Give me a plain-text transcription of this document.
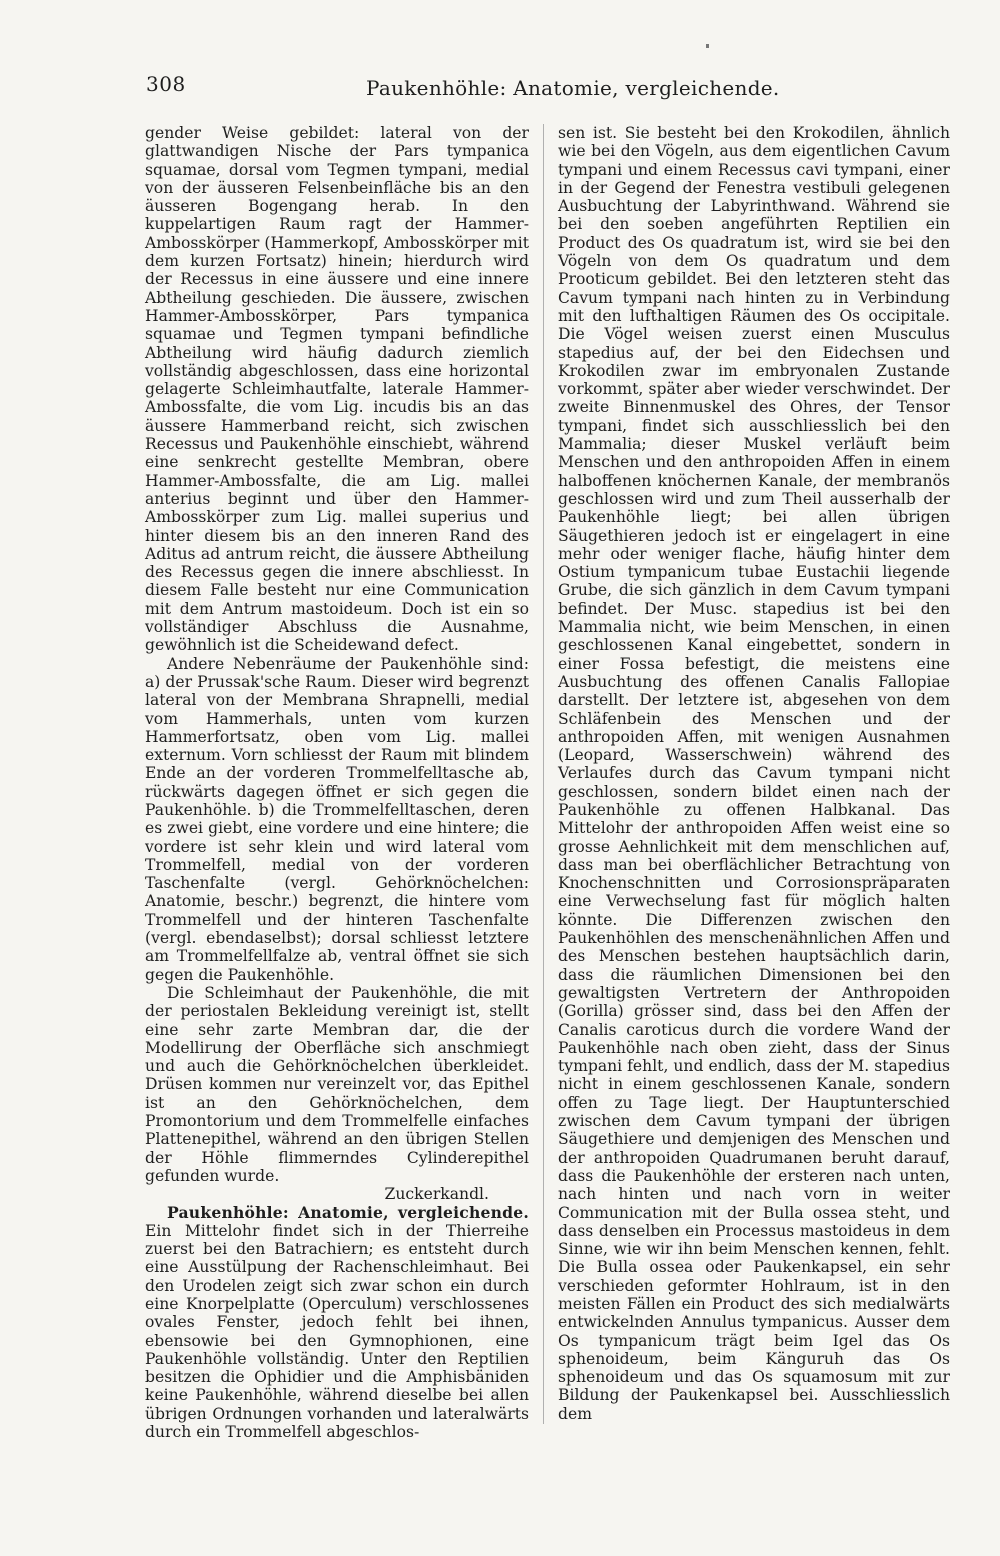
308	Paukenhöhle: Anatomie, vergleichende.

gender Weise gebildet: lateral von der glattwandigen Nische der Pars tympanica squamae, dorsal vom Tegmen tympani, medial von der äusseren Felsenbeinfläche bis an den äusseren Bogengang herab. In den kuppelartigen Raum ragt der Hammer-Ambosskörper (Hammerkopf, Ambosskörper mit dem kurzen Fortsatz) hinein; hierdurch wird der Recessus in eine äussere und eine innere Abtheilung geschieden. Die äussere, zwischen Hammer-Ambosskörper, Pars tympanica squamae und Tegmen tympani befindliche Abtheilung wird häufig dadurch ziemlich vollständig abgeschlossen, dass eine horizontal gelagerte Schleimhautfalte, laterale Hammer-Ambossfalte, die vom Lig. incudis bis an das äussere Hammerband reicht, sich zwischen Recessus und Paukenhöhle einschiebt, während eine senkrecht gestellte Membran, obere Hammer-Ambossfalte, die am Lig. mallei anterius beginnt und über den Hammer-Ambosskörper zum Lig. mallei superius und hinter diesem bis an den inneren Rand des Aditus ad antrum reicht, die äussere Abtheilung des Recessus gegen die innere abschliesst. In diesem Falle besteht nur eine Communication mit dem Antrum mastoideum. Doch ist ein so vollständiger Abschluss die Ausnahme, gewöhnlich ist die Scheidewand defect.

Andere Nebenräume der Paukenhöhle sind: a) der Prussak'sche Raum. Dieser wird begrenzt lateral von der Membrana Shrapnelli, medial vom Hammerhals, unten vom kurzen Hammerfortsatz, oben vom Lig. mallei externum. Vorn schliesst der Raum mit blindem Ende an der vorderen Trommelfelltasche ab, rückwärts dagegen öffnet er sich gegen die Paukenhöhle. b) die Trommelfelltaschen, deren es zwei giebt, eine vordere und eine hintere; die vordere ist sehr klein und wird lateral vom Trommelfell, medial von der vorderen Taschenfalte (vergl. Gehörknöchelchen: Anatomie, beschr.) begrenzt, die hintere vom Trommelfell und der hinteren Taschenfalte (vergl. ebendaselbst); dorsal schliesst letztere am Trommelfellfalze ab, ventral öffnet sie sich gegen die Paukenhöhle.

Die Schleimhaut der Paukenhöhle, die mit der periostalen Bekleidung vereinigt ist, stellt eine sehr zarte Membran dar, die der Modellirung der Oberfläche sich anschmiegt und auch die Gehörknöchelchen überkleidet. Drüsen kommen nur vereinzelt vor, das Epithel ist an den Gehörknöchelchen, dem Promontorium und dem Trommelfelle einfaches Plattenepithel, während an den übrigen Stellen der Höhle flimmerndes Cylinderepithel gefunden wurde.
Zuckerkandl.

Paukenhöhle: Anatomie, vergleichende. Ein Mittelohr findet sich in der Thierreihe zuerst bei den Batrachiern; es entsteht durch eine Ausstülpung der Rachenschleimhaut. Bei den Urodelen zeigt sich zwar schon ein durch eine Knorpelplatte (Operculum) verschlossenes ovales Fenster, jedoch fehlt bei ihnen, ebensowie bei den Gymnophionen, eine Paukenhöhle vollständig. Unter den Reptilien besitzen die Ophidier und die Amphisbäniden keine Paukenhöhle, während dieselbe bei allen übrigen Ordnungen vorhanden und lateralwärts durch ein Trommelfell abgeschlos-

sen ist. Sie besteht bei den Krokodilen, ähnlich wie bei den Vögeln, aus dem eigentlichen Cavum tympani und einem Recessus cavi tympani, einer in der Gegend der Fenestra vestibuli gelegenen Ausbuchtung der Labyrinthwand. Während sie bei den soeben angeführten Reptilien ein Product des Os quadratum ist, wird sie bei den Vögeln von dem Os quadratum und dem Prooticum gebildet. Bei den letzteren steht das Cavum tympani nach hinten zu in Verbindung mit den lufthaltigen Räumen des Os occipitale. Die Vögel weisen zuerst einen Musculus stapedius auf, der bei den Eidechsen und Krokodilen zwar im embryonalen Zustande vorkommt, später aber wieder verschwindet. Der zweite Binnenmuskel des Ohres, der Tensor tympani, findet sich ausschliesslich bei den Mammalia; dieser Muskel verläuft beim Menschen und den anthropoiden Affen in einem halboffenen knöchernen Kanale, der membranös geschlossen wird und zum Theil ausserhalb der Paukenhöhle liegt; bei allen übrigen Säugethieren jedoch ist er eingelagert in eine mehr oder weniger flache, häufig hinter dem Ostium tympanicum tubae Eustachii liegende Grube, die sich gänzlich in dem Cavum tympani befindet. Der Musc. stapedius ist bei den Mammalia nicht, wie beim Menschen, in einen geschlossenen Kanal eingebettet, sondern in einer Fossa befestigt, die meistens eine Ausbuchtung des offenen Canalis Fallopiae darstellt. Der letztere ist, abgesehen von dem Schläfenbein des Menschen und der anthropoiden Affen, mit wenigen Ausnahmen (Leopard, Wasserschwein) während des Verlaufes durch das Cavum tympani nicht geschlossen, sondern bildet einen nach der Paukenhöhle zu offenen Halbkanal. Das Mittelohr der anthropoiden Affen weist eine so grosse Aehnlichkeit mit dem menschlichen auf, dass man bei oberflächlicher Betrachtung von Knochenschnitten und Corrosionspräparaten eine Verwechselung fast für möglich halten könnte. Die Differenzen zwischen den Paukenhöhlen des menschenähnlichen Affen und des Menschen bestehen hauptsächlich darin, dass die räumlichen Dimensionen bei den gewaltigsten Vertretern der Anthropoiden (Gorilla) grösser sind, dass bei den Affen der Canalis caroticus durch die vordere Wand der Paukenhöhle nach oben zieht, dass der Sinus tympani fehlt, und endlich, dass der M. stapedius nicht in einem geschlossenen Kanale, sondern offen zu Tage liegt. Der Hauptunterschied zwischen dem Cavum tympani der übrigen Säugethiere und demjenigen des Menschen und der anthropoiden Quadrumanen beruht darauf, dass die Paukenhöhle der ersteren nach unten, nach hinten und nach vorn in weiter Communication mit der Bulla ossea steht, und dass denselben ein Processus mastoideus in dem Sinne, wie wir ihn beim Menschen kennen, fehlt. Die Bulla ossea oder Paukenkapsel, ein sehr verschieden geformter Hohlraum, ist in den meisten Fällen ein Product des sich medialwärts entwickelnden Annulus tympanicus. Ausser dem Os tympanicum trägt beim Igel das Os sphenoideum, beim Känguruh das Os sphenoideum und das Os squamosum mit zur Bildung der Paukenkapsel bei. Ausschliesslich dem
